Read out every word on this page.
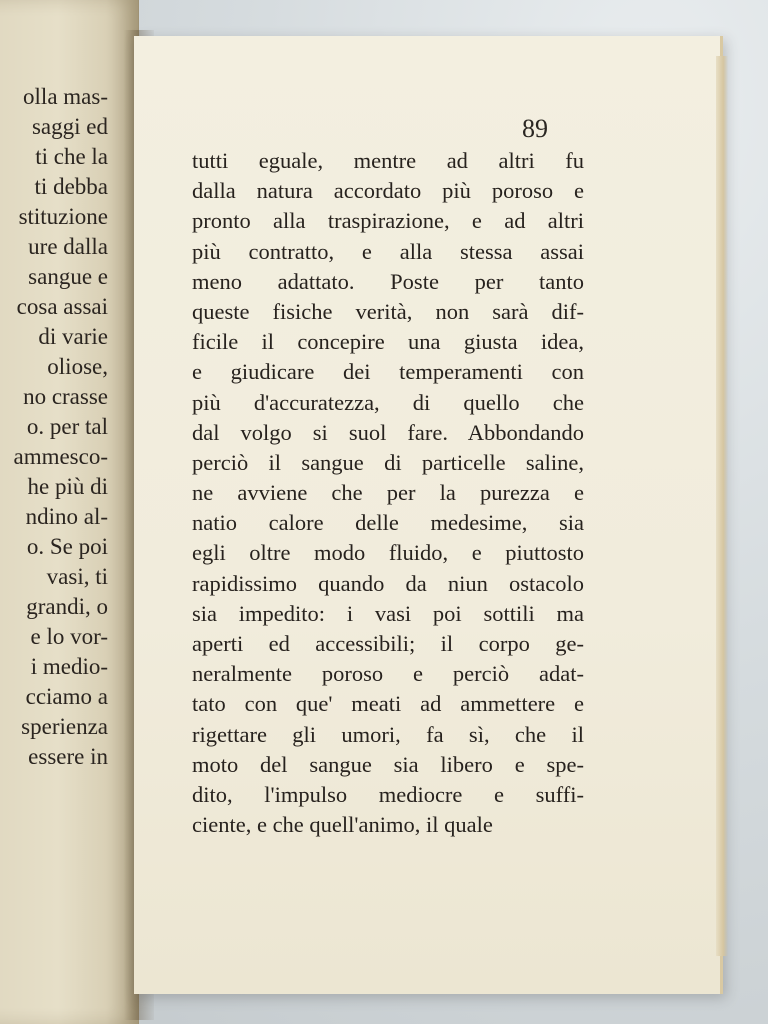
olla mas-
saggi ed
ti che la
ti debba
stituzione
ure dalla
sangue e
cosa assai
di varie
oliose,
no crasse
o. per tal
ammesco-
he più di
ndino al-
o. Se poi
vasi, ti
grandi, o
e lo vor-
i medio-
cciamo a
sperienza
essere in
89
tutti eguale, mentre ad altri fu
dalla natura accordato più poroso e
pronto alla traspirazione, e ad altri
più contratto, e alla stessa assai
meno adattato. Poste per tanto
queste fisiche verità, non sarà dif-
ficile il concepire una giusta idea,
e giudicare dei temperamenti con
più d'accuratezza, di quello che
dal volgo si suol fare. Abbondando
perciò il sangue di particelle saline,
ne avviene che per la purezza e
natio calore delle medesime, sia
egli oltre modo fluido, e piuttosto
rapidissimo quando da niun ostacolo
sia impedito: i vasi poi sottili ma
aperti ed accessibili; il corpo ge-
neralmente poroso e perciò adat-
tato con que' meati ad ammettere e
rigettare gli umori, fa sì, che il
moto del sangue sia libero e spe-
dito, l'impulso mediocre e suffi-
ciente, e che quell'animo, il quale
